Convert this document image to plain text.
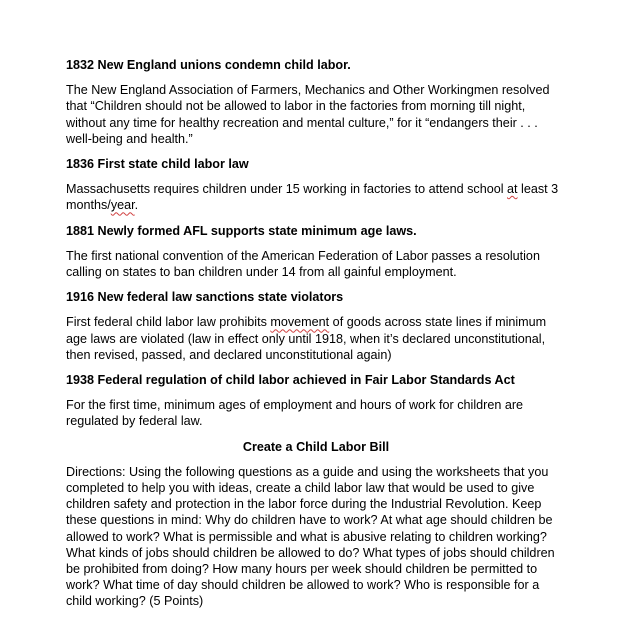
1832 New England unions condemn child labor.

The New England Association of Farmers, Mechanics and Other Workingmen resolved that “Children should not be allowed to labor in the factories from morning till night, without any time for healthy recreation and mental culture,” for it “endangers their . . . well-being and health.”

1836 First state child labor law

Massachusetts requires children under 15 working in factories to attend school at least 3 months/year.

1881 Newly formed AFL supports state minimum age laws.

The first national convention of the American Federation of Labor passes a resolution calling on states to ban children under 14 from all gainful employment.

1916 New federal law sanctions state violators

First federal child labor law prohibits movement of goods across state lines if minimum age laws are violated (law in effect only until 1918, when it’s declared unconstitutional, then revised, passed, and declared unconstitutional again)

1938 Federal regulation of child labor achieved in Fair Labor Standards Act

For the first time, minimum ages of employment and hours of work for children are regulated by federal law.

Create a Child Labor Bill

Directions: Using the following questions as a guide and using the worksheets that you completed to help you with ideas, create a child labor law that would be used to give children safety and protection in the labor force during the Industrial Revolution. Keep these questions in mind: Why do children have to work? At what age should children be allowed to work? What is permissible and what is abusive relating to children working? What kinds of jobs should children be allowed to do? What types of jobs should children be prohibited from doing? How many hours per week should children be permitted to work? What time of day should children be allowed to work? Who is responsible for a child working? (5 Points)
